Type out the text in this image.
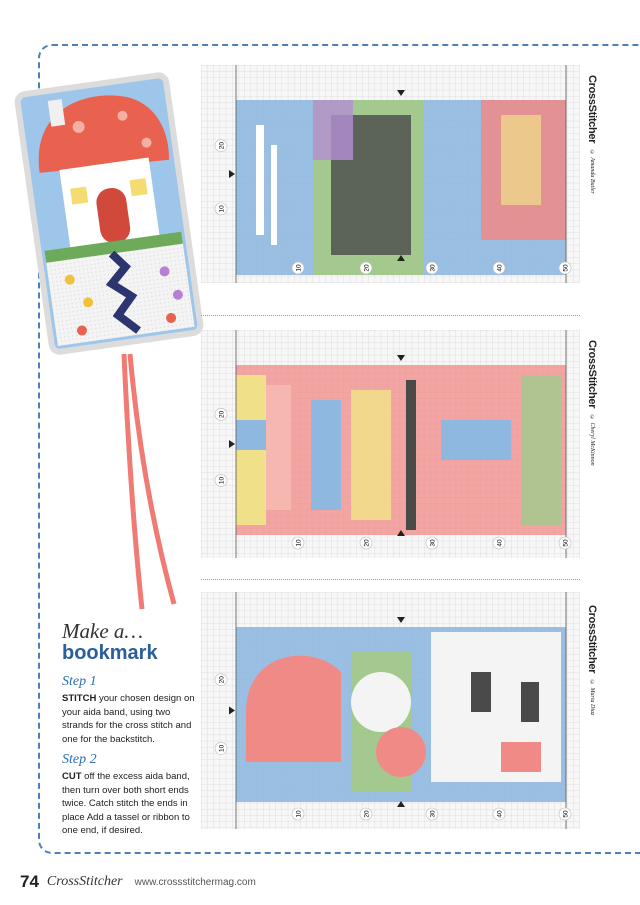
10	20	30	40	50
20
10
CrossStitcher © Amanda Butler
10	20	30	40	50
20
10
CrossStitcher © Cheryl McKinnon
10	20	30	40	50
20
10
CrossStitcher © Maria Diaz
Make a…
bookmark
Step 1

STITCH your chosen design on your aida band, using two strands for the cross stitch and one for the backstitch.

Step 2

CUT off the excess aida band, then turn over both short ends twice. Catch stitch the ends in place Add a tassel or ribbon to one end, if desired.

74 CrossStitcher www.crossstitchermag.com
